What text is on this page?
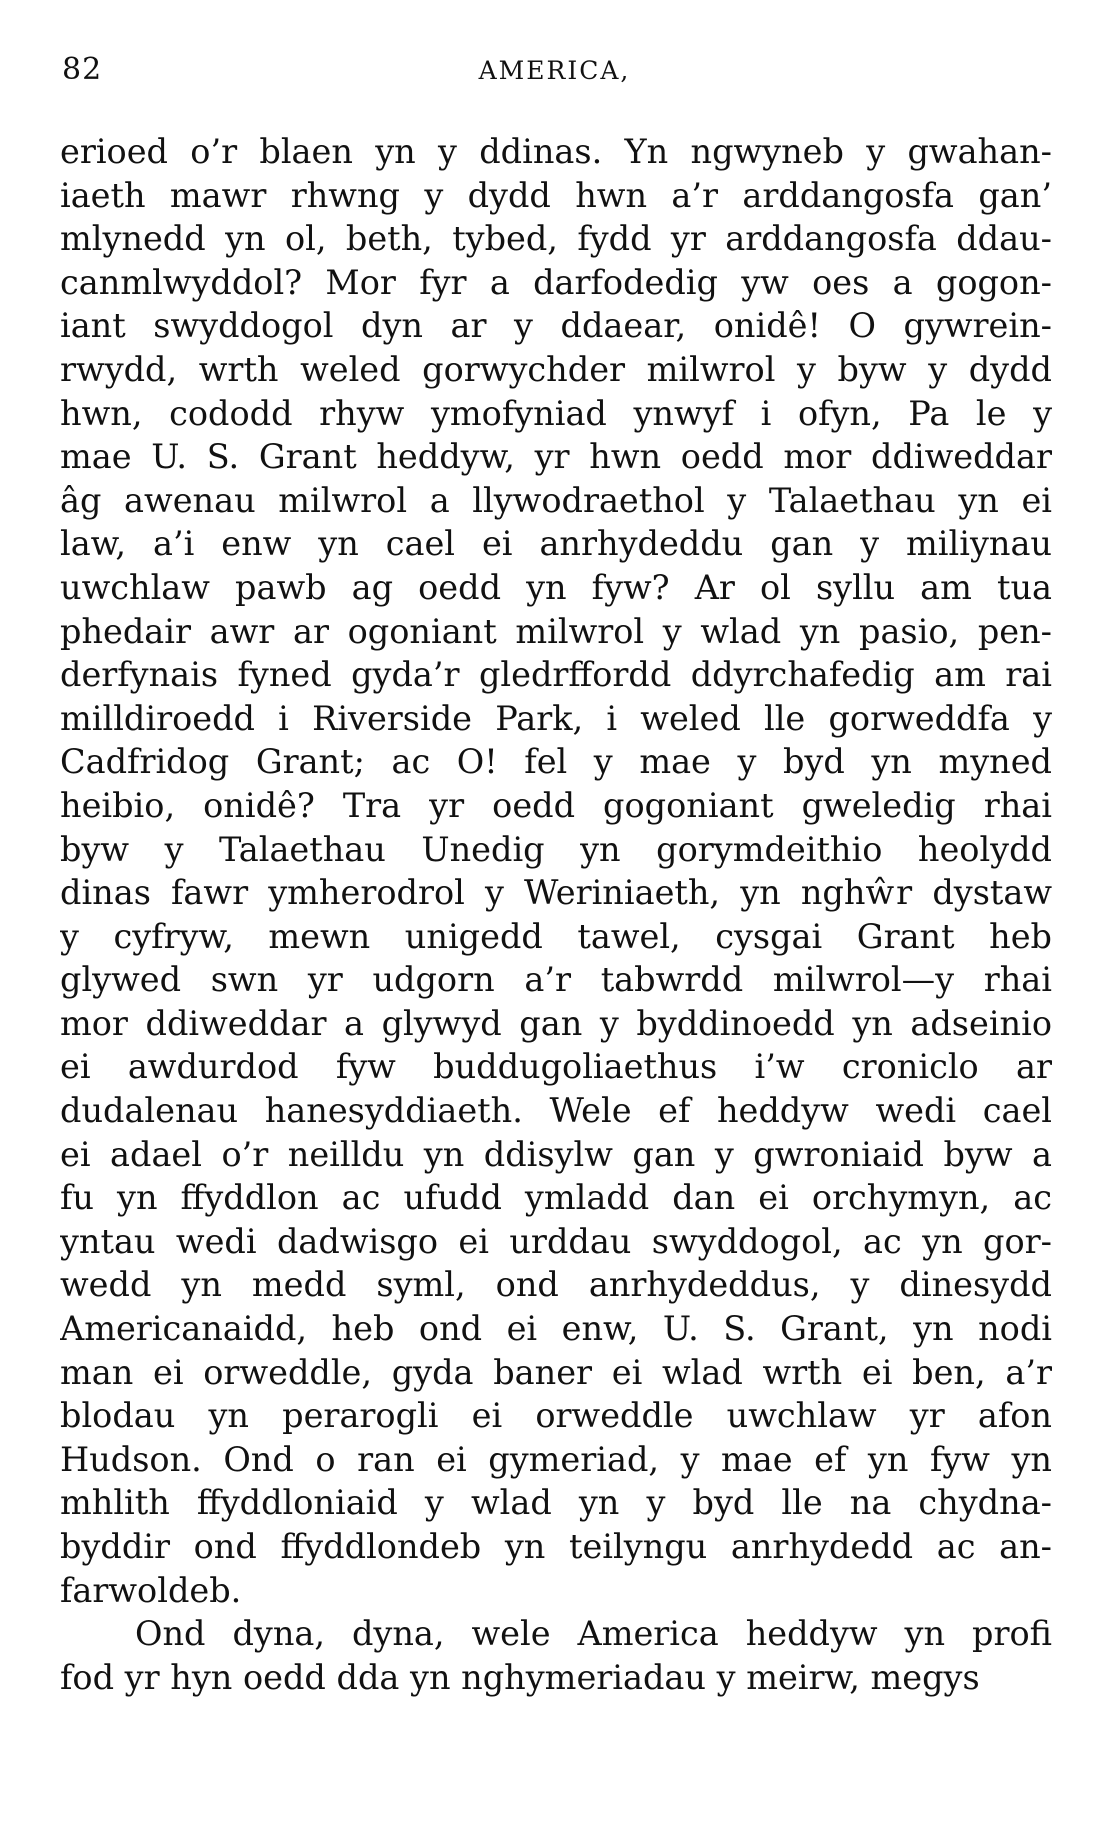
82	AMERICA,
erioed o’r blaen yn y ddinas. Yn ngwyneb y gwahan-
iaeth mawr rhwng y dydd hwn a’r arddangosfa gan’
mlynedd yn ol, beth, tybed, fydd yr arddangosfa ddau-
canmlwyddol? Mor fyr a darfodedig yw oes a gogon-
iant swyddogol dyn ar y ddaear, onidê! O gywrein-
rwydd, wrth weled gorwychder milwrol y byw y dydd
hwn, cododd rhyw ymofyniad ynwyf i ofyn, Pa le y
mae U. S. Grant heddyw, yr hwn oedd mor ddiweddar
âg awenau milwrol a llywodraethol y Talaethau yn ei
law, a’i enw yn cael ei anrhydeddu gan y miliynau
uwchlaw pawb ag oedd yn fyw? Ar ol syllu am tua
phedair awr ar ogoniant milwrol y wlad yn pasio, pen-
derfynais fyned gyda’r gledrffordd ddyrchafedig am rai
milldiroedd i Riverside Park, i weled lle gorweddfa y
Cadfridog Grant; ac O! fel y mae y byd yn myned
heibio, onidê? Tra yr oedd gogoniant gweledig rhai
byw y Talaethau Unedig yn gorymdeithio heolydd
dinas fawr ymherodrol y Weriniaeth, yn nghŵr dystaw
y cyfryw, mewn unigedd tawel, cysgai Grant heb
glywed swn yr udgorn a’r tabwrdd milwrol—y rhai
mor ddiweddar a glywyd gan y byddinoedd yn adseinio
ei awdurdod fyw buddugoliaethus i’w croniclo ar
dudalenau hanesyddiaeth. Wele ef heddyw wedi cael
ei adael o’r neilldu yn ddisylw gan y gwroniaid byw a
fu yn ffyddlon ac ufudd ymladd dan ei orchymyn, ac
yntau wedi dadwisgo ei urddau swyddogol, ac yn gor-
wedd yn medd syml, ond anrhydeddus, y dinesydd
Americanaidd, heb ond ei enw, U. S. Grant, yn nodi
man ei orweddle, gyda baner ei wlad wrth ei ben, a’r
blodau yn perarogli ei orweddle uwchlaw yr afon
Hudson. Ond o ran ei gymeriad, y mae ef yn fyw yn
mhlith ffyddloniaid y wlad yn y byd lle na chydna-
byddir ond ffyddlondeb yn teilyngu anrhydedd ac an-
farwoldeb.
Ond dyna, dyna, wele America heddyw yn profi
fod yr hyn oedd dda yn nghymeriadau y meirw, megys
